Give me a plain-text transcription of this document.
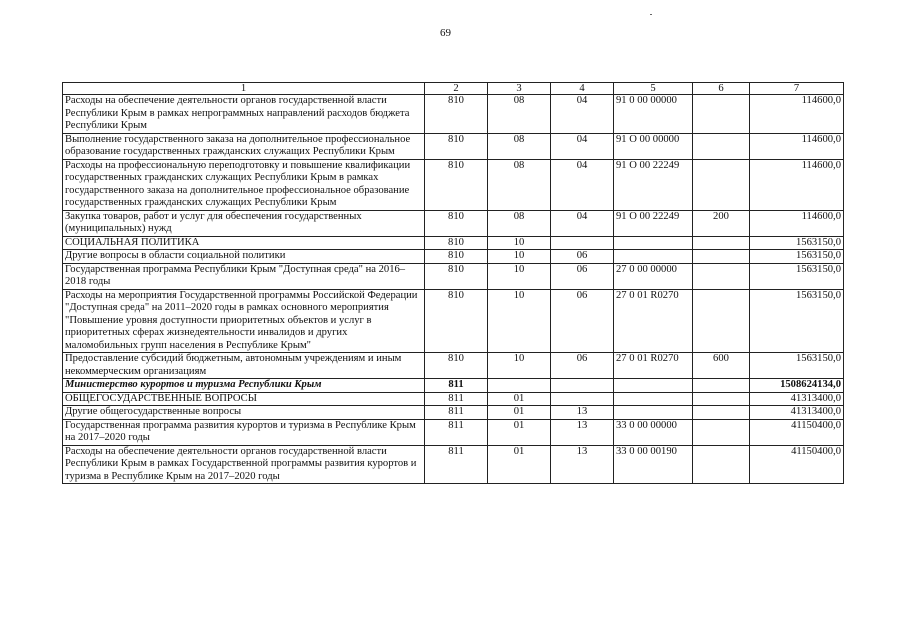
69
1	2	3	4	5	6	7
Расходы на обеспечение деятельности органов государственной власти Республики Крым в рамках непрограммных направлений расходов бюджета Республики Крым	810	08	04	91 0 00 00000		114600,0
Выполнение государственного заказа на дополнительное профессиональное образование государственных гражданских служащих Республики Крым	810	08	04	91 О 00 00000		114600,0
Расходы на профессиональную переподготовку и повышение квалификации государственных гражданских служащих Республики Крым в рамках государственного заказа на дополнительное профессиональное образование государственных гражданских служащих Республики Крым	810	08	04	91 О 00 22249		114600,0
Закупка товаров, работ и услуг для обеспечения государственных (муниципальных) нужд	810	08	04	91 О 00 22249	200	114600,0
СОЦИАЛЬНАЯ ПОЛИТИКА	810	10				1563150,0
Другие вопросы в области социальной политики	810	10	06			1563150,0
Государственная программа Республики Крым "Доступная среда" на 2016–2018 годы	810	10	06	27 0 00 00000		1563150,0
Расходы на мероприятия Государственной программы Российской Федерации "Доступная среда" на 2011–2020 годы в рамках основного мероприятия "Повышение уровня доступности приоритетных объектов и услуг в приоритетных сферах жизнедеятельности инвалидов и других маломобильных групп населения в Республике Крым"	810	10	06	27 0 01 R0270		1563150,0
Предоставление субсидий бюджетным, автономным учреждениям и иным некоммерческим организациям	810	10	06	27 0 01 R0270	600	1563150,0
Министерство курортов и туризма Республики Крым	811					1508624134,0
ОБЩЕГОСУДАРСТВЕННЫЕ ВОПРОСЫ	811	01				41313400,0
Другие общегосударственные вопросы	811	01	13			41313400,0
Государственная программа развития курортов и туризма в Республике Крым на 2017–2020 годы	811	01	13	33 0 00 00000		41150400,0
Расходы на обеспечение деятельности органов государственной власти Республики Крым в рамках Государственной программы развития курортов и туризма в Республике Крым на 2017–2020 годы	811	01	13	33 0 00 00190		41150400,0
